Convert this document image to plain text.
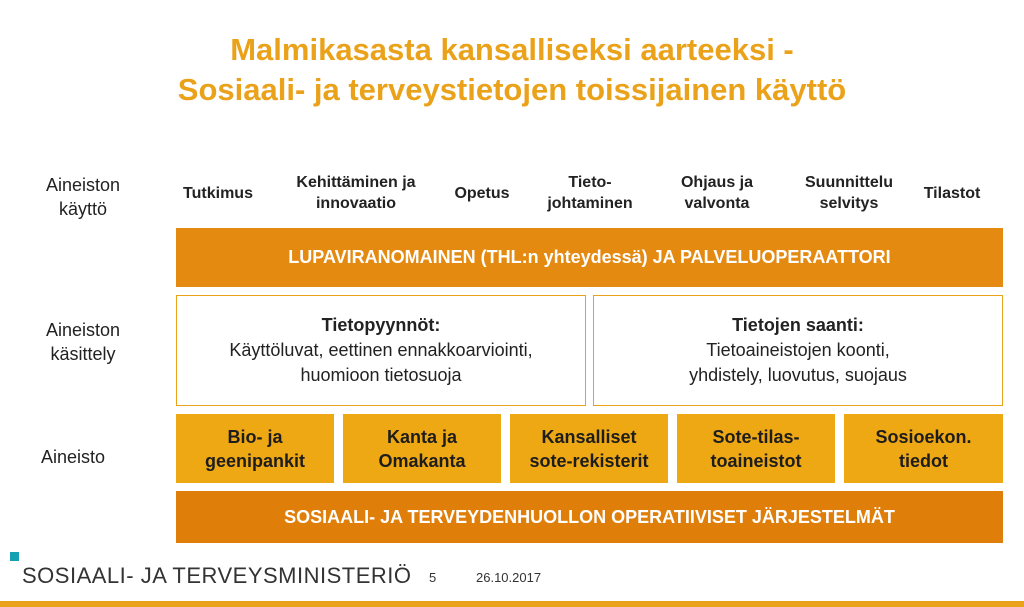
Malmikasasta kansalliseksi aarteeksi -
Sosiaali- ja terveystietojen toissijainen käyttö
Aineiston
käyttö
Aineiston
käsittely
Aineisto
Tutkimus
Kehittäminen ja
innovaatio
Opetus
Tieto-
johtaminen
Ohjaus ja
valvonta
Suunnittelu
selvitys
Tilastot
LUPAVIRANOMAINEN (THL:n yhteydessä) JA PALVELUOPERAATTORI
Tietopyynnöt:
Käyttöluvat, eettinen ennakkoarviointi,
huomioon tietosuoja
Tietojen saanti:
Tietoaineistojen koonti,
yhdistely, luovutus, suojaus
Bio- ja
geenipankit
Kanta ja
Omakanta
Kansalliset
sote-rekisterit
Sote-tilas-
toaineistot
Sosioekon.
tiedot
SOSIAALI- JA TERVEYDENHUOLLON OPERATIIVISET JÄRJESTELMÄT
SOSIAALI- JA TERVEYSMINISTERIÖ 5	26.10.2017
